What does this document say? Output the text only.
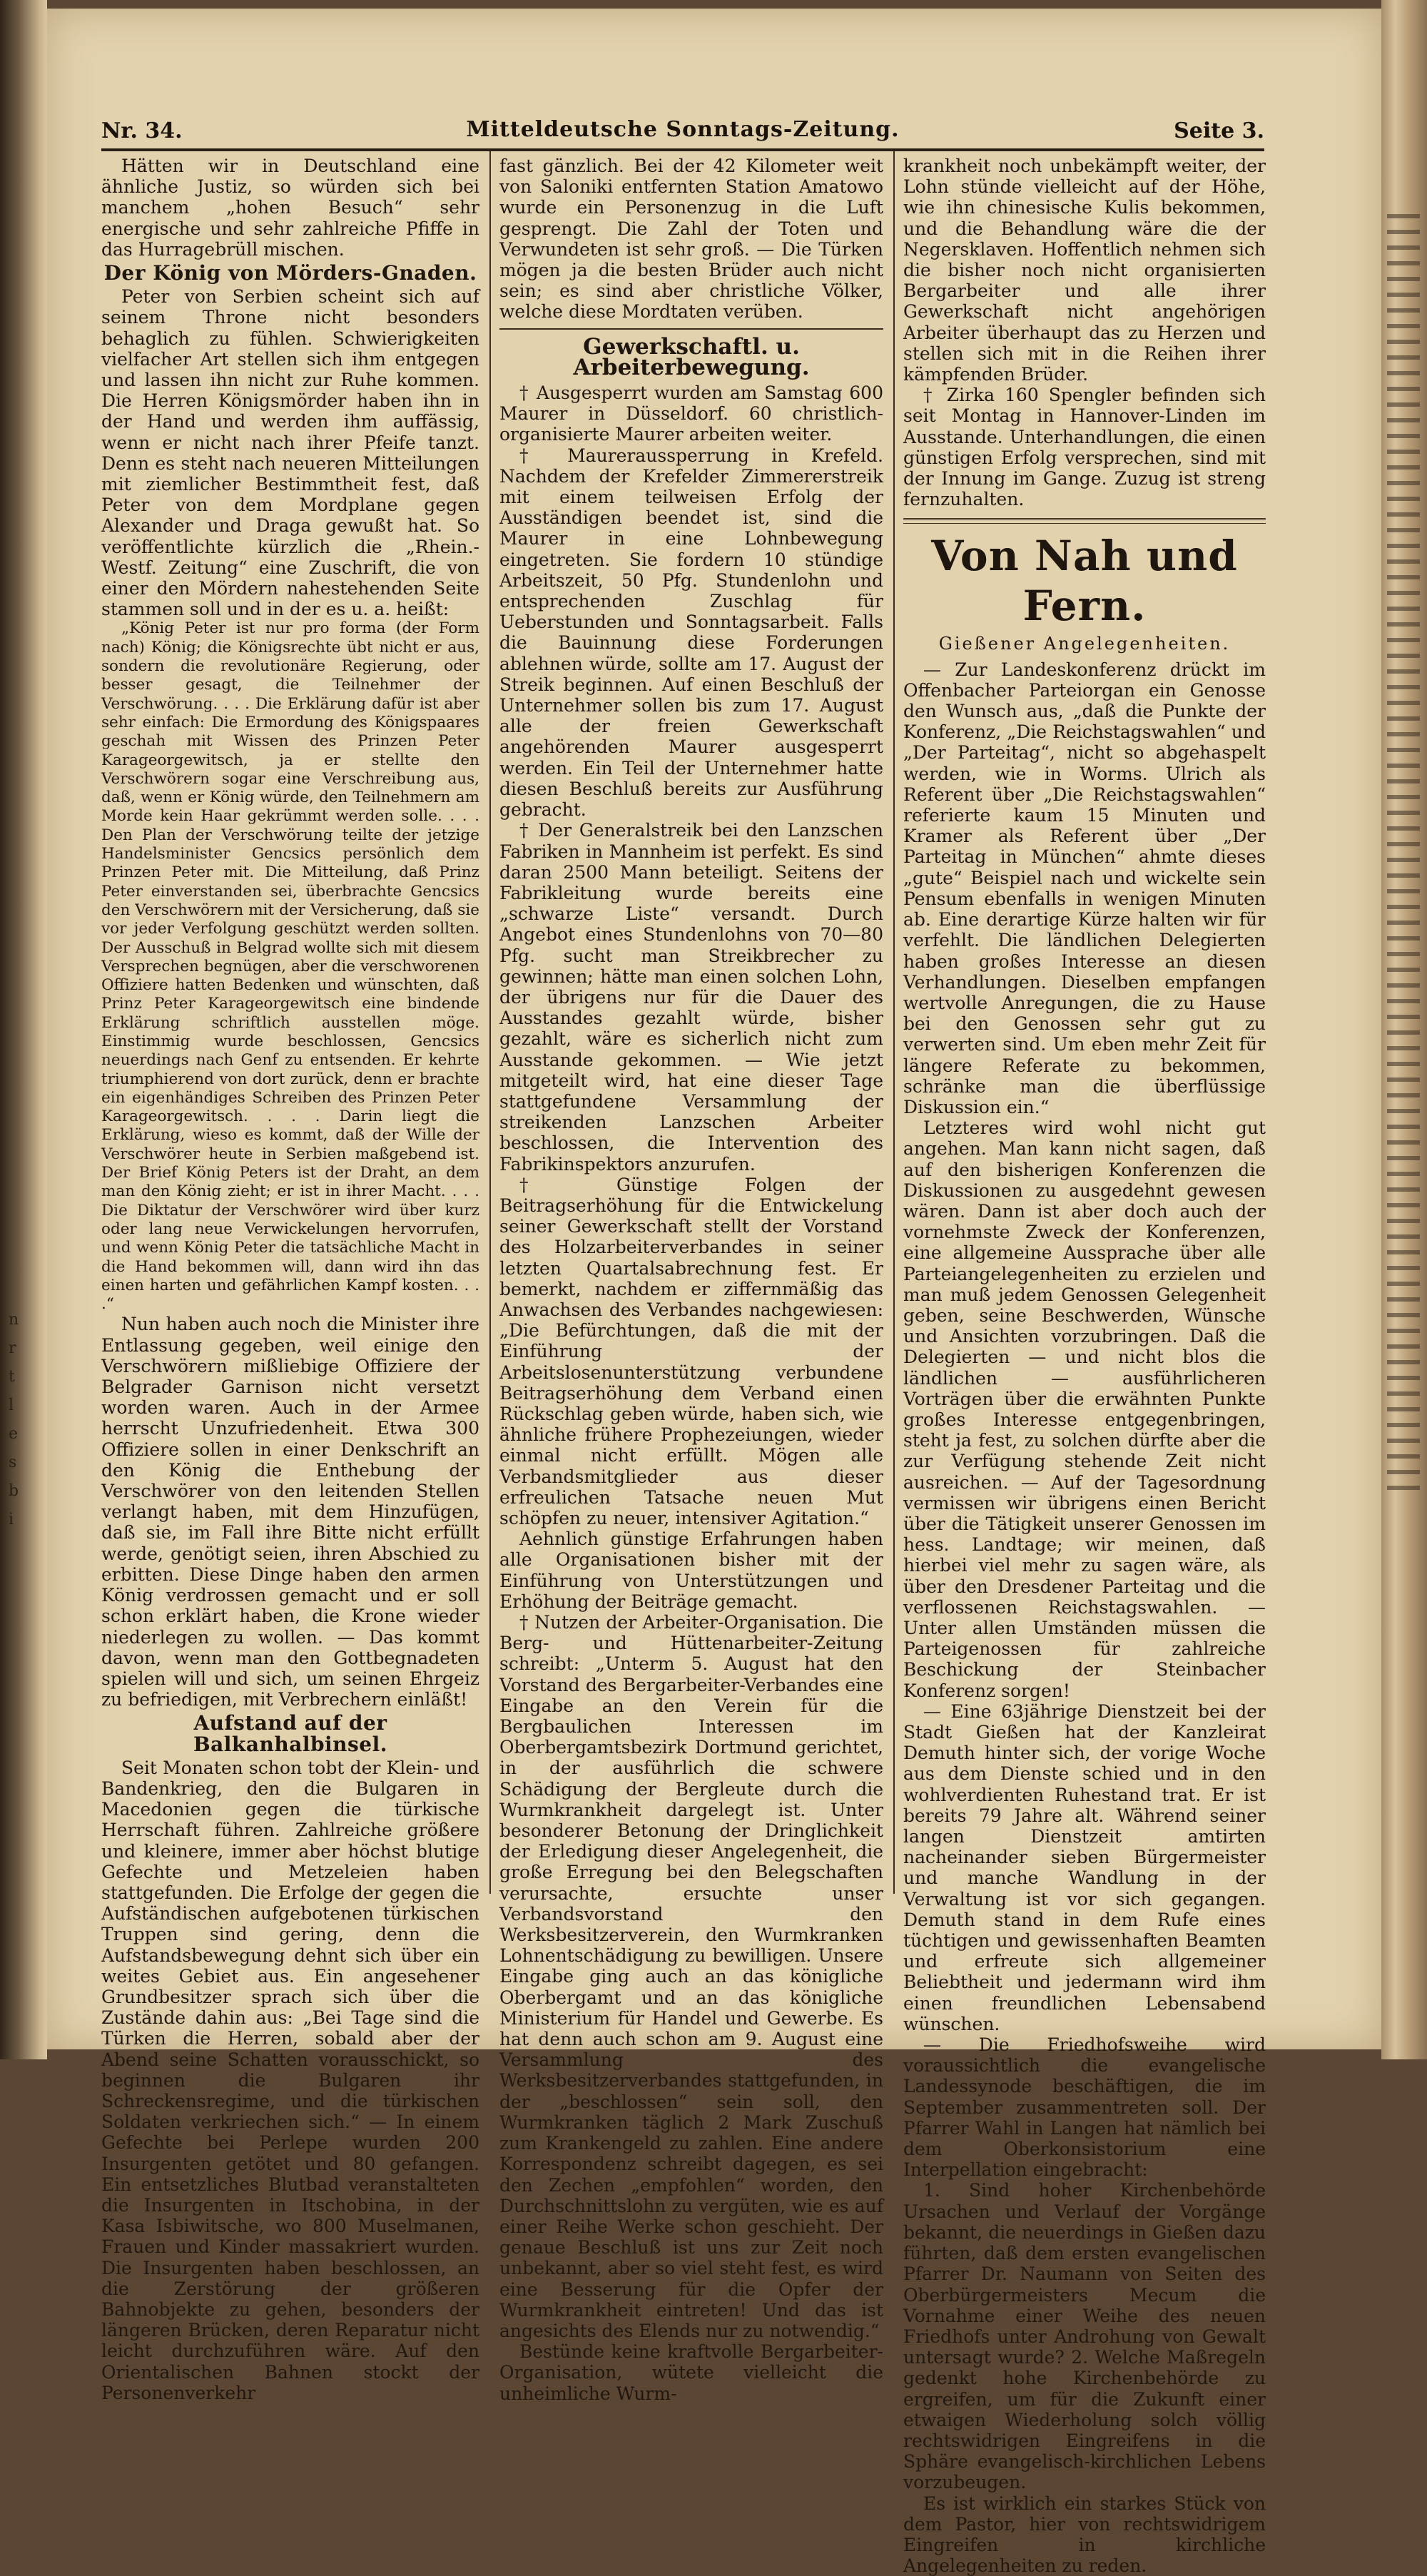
n
r
t
l
e
s
b
i
Nr. 34.	Mitteldeutsche Sonntags-Zeitung.	Seite 3.

Hätten wir in Deutschland eine ähnliche Justiz, so würden sich bei manchem „hohen Besuch“ sehr energische und sehr zahlreiche Pfiffe in das Hurragebrüll mischen.

Der König von Mörders-Gnaden.

Peter von Serbien scheint sich auf seinem Throne nicht besonders behaglich zu fühlen. Schwierigkeiten vielfacher Art stellen sich ihm entgegen und lassen ihn nicht zur Ruhe kommen. Die Herren Königsmörder haben ihn in der Hand und werden ihm auffässig, wenn er nicht nach ihrer Pfeife tanzt. Denn es steht nach neueren Mitteilungen mit ziemlicher Bestimmtheit fest, daß Peter von dem Mordplane gegen Alexander und Draga gewußt hat. So veröffentlichte kürzlich die „Rhein.-Westf. Zeitung“ eine Zuschrift, die von einer den Mördern nahestehenden Seite stammen soll und in der es u. a. heißt:

„König Peter ist nur pro forma (der Form nach) König; die Königsrechte übt nicht er aus, sondern die revolutionäre Regierung, oder besser gesagt, die Teilnehmer der Verschwörung. . . . Die Erklärung dafür ist aber sehr einfach: Die Ermordung des Königspaares geschah mit Wissen des Prinzen Peter Karageorgewitsch, ja er stellte den Verschwörern sogar eine Verschreibung aus, daß, wenn er König würde, den Teilnehmern am Morde kein Haar gekrümmt werden solle. . . . Den Plan der Verschwörung teilte der jetzige Handelsminister Gencsics persönlich dem Prinzen Peter mit. Die Mitteilung, daß Prinz Peter einverstanden sei, überbrachte Gencsics den Verschwörern mit der Versicherung, daß sie vor jeder Verfolgung geschützt werden sollten. Der Ausschuß in Belgrad wollte sich mit diesem Versprechen begnügen, aber die verschworenen Offiziere hatten Bedenken und wünschten, daß Prinz Peter Karageorgewitsch eine bindende Erklärung schriftlich ausstellen möge. Einstimmig wurde beschlossen, Gencsics neuerdings nach Genf zu entsenden. Er kehrte triumphierend von dort zurück, denn er brachte ein eigenhändiges Schreiben des Prinzen Peter Karageorgewitsch. . . . Darin liegt die Erklärung, wieso es kommt, daß der Wille der Verschwörer heute in Serbien maßgebend ist. Der Brief König Peters ist der Draht, an dem man den König zieht; er ist in ihrer Macht. . . . Die Diktatur der Verschwörer wird über kurz oder lang neue Verwickelungen hervorrufen, und wenn König Peter die tatsächliche Macht in die Hand bekommen will, dann wird ihn das einen harten und gefährlichen Kampf kosten. . . .“

Nun haben auch noch die Minister ihre Entlassung gegeben, weil einige den Verschwörern mißliebige Offiziere der Belgrader Garnison nicht versetzt worden waren. Auch in der Armee herrscht Unzufriedenheit. Etwa 300 Offiziere sollen in einer Denkschrift an den König die Enthebung der Verschwörer von den leitenden Stellen verlangt haben, mit dem Hinzufügen, daß sie, im Fall ihre Bitte nicht erfüllt werde, genötigt seien, ihren Abschied zu erbitten. Diese Dinge haben den armen König verdrossen gemacht und er soll schon erklärt haben, die Krone wieder niederlegen zu wollen. — Das kommt davon, wenn man den Gottbegnadeten spielen will und sich, um seinen Ehrgeiz zu befriedigen, mit Verbrechern einläßt!

Aufstand auf der Balkanhalbinsel.

Seit Monaten schon tobt der Klein- und Bandenkrieg, den die Bulgaren in Macedonien gegen die türkische Herrschaft führen. Zahlreiche größere und kleinere, immer aber höchst blutige Gefechte und Metzeleien haben stattgefunden. Die Erfolge der gegen die Aufständischen aufgebotenen türkischen Truppen sind gering, denn die Aufstandsbewegung dehnt sich über ein weites Gebiet aus. Ein angesehener Grundbesitzer sprach sich über die Zustände dahin aus: „Bei Tage sind die Türken die Herren, sobald aber der Abend seine Schatten vorausschickt, so beginnen die Bulgaren ihr Schreckensregime, und die türkischen Soldaten verkriechen sich.“ — In einem Gefechte bei Perlepe wurden 200 Insurgenten getötet und 80 gefangen. Ein entsetzliches Blutbad veranstalteten die Insurgenten in Itschobina, in der Kasa Isbiwitsche, wo 800 Muselmanen, Frauen und Kinder massakriert wurden. Die Insurgenten haben beschlossen, an die Zerstörung der größeren Bahnobjekte zu gehen, besonders der längeren Brücken, deren Reparatur nicht leicht durchzuführen wäre. Auf den Orientalischen Bahnen stockt der Personenverkehr

fast gänzlich. Bei der 42 Kilometer weit von Saloniki entfernten Station Amatowo wurde ein Personenzug in die Luft gesprengt. Die Zahl der Toten und Verwundeten ist sehr groß. — Die Türken mögen ja die besten Brüder auch nicht sein; es sind aber christliche Völker, welche diese Mordtaten verüben.

Gewerkschaftl. u. Arbeiterbewegung.

† Ausgesperrt wurden am Samstag 600 Maurer in Düsseldorf. 60 christlich-organisierte Maurer arbeiten weiter.

† Maureraussperrung in Krefeld. Nachdem der Krefelder Zimmererstreik mit einem teilweisen Erfolg der Ausständigen beendet ist, sind die Maurer in eine Lohnbewegung eingetreten. Sie fordern 10 stündige Arbeitszeit, 50 Pfg. Stundenlohn und entsprechenden Zuschlag für Ueberstunden und Sonntagsarbeit. Falls die Bauinnung diese Forderungen ablehnen würde, sollte am 17. August der Streik beginnen. Auf einen Beschluß der Unternehmer sollen bis zum 17. August alle der freien Gewerkschaft angehörenden Maurer ausgesperrt werden. Ein Teil der Unternehmer hatte diesen Beschluß bereits zur Ausführung gebracht.

† Der Generalstreik bei den Lanzschen Fabriken in Mannheim ist perfekt. Es sind daran 2500 Mann beteiligt. Seitens der Fabrikleitung wurde bereits eine „schwarze Liste“ versandt. Durch Angebot eines Stundenlohns von 70—80 Pfg. sucht man Streikbrecher zu gewinnen; hätte man einen solchen Lohn, der übrigens nur für die Dauer des Ausstandes gezahlt würde, bisher gezahlt, wäre es sicherlich nicht zum Ausstande gekommen. — Wie jetzt mitgeteilt wird, hat eine dieser Tage stattgefundene Versammlung der streikenden Lanzschen Arbeiter beschlossen, die Intervention des Fabrikinspektors anzurufen.

† Günstige Folgen der Beitragserhöhung für die Entwickelung seiner Gewerkschaft stellt der Vorstand des Holzarbeiterverbandes in seiner letzten Quartalsabrechnung fest. Er bemerkt, nachdem er ziffernmäßig das Anwachsen des Verbandes nachgewiesen: „Die Befürchtungen, daß die mit der Einführung der Arbeitslosenunterstützung verbundene Beitragserhöhung dem Verband einen Rückschlag geben würde, haben sich, wie ähnliche frühere Prophezeiungen, wieder einmal nicht erfüllt. Mögen alle Verbandsmitglieder aus dieser erfreulichen Tatsache neuen Mut schöpfen zu neuer, intensiver Agitation.“

Aehnlich günstige Erfahrungen haben alle Organisationen bisher mit der Einführung von Unterstützungen und Erhöhung der Beiträge gemacht.

† Nutzen der Arbeiter-Organisation. Die Berg- und Hüttenarbeiter-Zeitung schreibt: „Unterm 5. August hat den Vorstand des Bergarbeiter-Verbandes eine Eingabe an den Verein für die Bergbaulichen Interessen im Oberbergamtsbezirk Dortmund gerichtet, in der ausführlich die schwere Schädigung der Bergleute durch die Wurmkrankheit dargelegt ist. Unter besonderer Betonung der Dringlichkeit der Erledigung dieser Angelegenheit, die große Erregung bei den Belegschaften verursachte, ersuchte unser Verbandsvorstand den Werksbesitzerverein, den Wurmkranken Lohnentschädigung zu bewilligen. Unsere Eingabe ging auch an das königliche Oberbergamt und an das königliche Ministerium für Handel und Gewerbe. Es hat denn auch schon am 9. August eine Versammlung des Werksbesitzerverbandes stattgefunden, in der „beschlossen“ sein soll, den Wurmkranken täglich 2 Mark Zuschuß zum Krankengeld zu zahlen. Eine andere Korrespondenz schreibt dagegen, es sei den Zechen „empfohlen“ worden, den Durchschnittslohn zu vergüten, wie es auf einer Reihe Werke schon geschieht. Der genaue Beschluß ist uns zur Zeit noch unbekannt, aber so viel steht fest, es wird eine Besserung für die Opfer der Wurmkrankheit eintreten! Und das ist angesichts des Elends nur zu notwendig.“

Bestünde keine kraftvolle Bergarbeiter-Organisation, wütete vielleicht die unheimliche Wurm-

krankheit noch unbekämpft weiter, der Lohn stünde vielleicht auf der Höhe, wie ihn chinesische Kulis bekommen, und die Behandlung wäre die der Negersklaven. Hoffentlich nehmen sich die bisher noch nicht organisierten Bergarbeiter und alle ihrer Gewerkschaft nicht angehörigen Arbeiter überhaupt das zu Herzen und stellen sich mit in die Reihen ihrer kämpfenden Brüder.

† Zirka 160 Spengler befinden sich seit Montag in Hannover-Linden im Ausstande. Unterhandlungen, die einen günstigen Erfolg versprechen, sind mit der Innung im Gange. Zuzug ist streng fernzuhalten.

Von Nah und Fern.

Gießener Angelegenheiten.

— Zur Landeskonferenz drückt im Offenbacher Parteiorgan ein Genosse den Wunsch aus, „daß die Punkte der Konferenz, „Die Reichstagswahlen“ und „Der Parteitag“, nicht so abgehaspelt werden, wie in Worms. Ulrich als Referent über „Die Reichstagswahlen“ referierte kaum 15 Minuten und Kramer als Referent über „Der Parteitag in München“ ahmte dieses „gute“ Beispiel nach und wickelte sein Pensum ebenfalls in wenigen Minuten ab. Eine derartige Kürze halten wir für verfehlt. Die ländlichen Delegierten haben großes Interesse an diesen Verhandlungen. Dieselben empfangen wertvolle Anregungen, die zu Hause bei den Genossen sehr gut zu verwerten sind. Um eben mehr Zeit für längere Referate zu bekommen, schränke man die überflüssige Diskussion ein.“

Letzteres wird wohl nicht gut angehen. Man kann nicht sagen, daß auf den bisherigen Konferenzen die Diskussionen zu ausgedehnt gewesen wären. Dann ist aber doch auch der vornehmste Zweck der Konferenzen, eine allgemeine Aussprache über alle Parteiangelegenheiten zu erzielen und man muß jedem Genossen Gelegenheit geben, seine Beschwerden, Wünsche und Ansichten vorzubringen. Daß die Delegierten — und nicht blos die ländlichen — ausführlicheren Vorträgen über die erwähnten Punkte großes Interesse entgegenbringen, steht ja fest, zu solchen dürfte aber die zur Verfügung stehende Zeit nicht ausreichen. — Auf der Tagesordnung vermissen wir übrigens einen Bericht über die Tätigkeit unserer Genossen im hess. Landtage; wir meinen, daß hierbei viel mehr zu sagen wäre, als über den Dresdener Parteitag und die verflossenen Reichstagswahlen. — Unter allen Umständen müssen die Parteigenossen für zahlreiche Beschickung der Steinbacher Konferenz sorgen!

— Eine 63jährige Dienstzeit bei der Stadt Gießen hat der Kanzleirat Demuth hinter sich, der vorige Woche aus dem Dienste schied und in den wohlverdienten Ruhestand trat. Er ist bereits 79 Jahre alt. Während seiner langen Dienstzeit amtirten nacheinander sieben Bürgermeister und manche Wandlung in der Verwaltung ist vor sich gegangen. Demuth stand in dem Rufe eines tüchtigen und gewissenhaften Beamten und erfreute sich allgemeiner Beliebtheit und jedermann wird ihm einen freundlichen Lebensabend wünschen.

— Die Friedhofsweihe wird voraussichtlich die evangelische Landessynode beschäftigen, die im September zusammentreten soll. Der Pfarrer Wahl in Langen hat nämlich bei dem Oberkonsistorium eine Interpellation eingebracht:

1. Sind hoher Kirchenbehörde Ursachen und Verlauf der Vorgänge bekannt, die neuerdings in Gießen dazu führten, daß dem ersten evangelischen Pfarrer Dr. Naumann von Seiten des Oberbürgermeisters Mecum die Vornahme einer Weihe des neuen Friedhofs unter Androhung von Gewalt untersagt wurde? 2. Welche Maßregeln gedenkt hohe Kirchenbehörde zu ergreifen, um für die Zukunft einer etwaigen Wiederholung solch völlig rechtswidrigen Eingreifens in die Sphäre evangelisch-kirchlichen Lebens vorzubeugen.

Es ist wirklich ein starkes Stück von dem Pastor, hier von rechtswidrigem Eingreifen in kirchliche Angelegenheiten zu reden.
